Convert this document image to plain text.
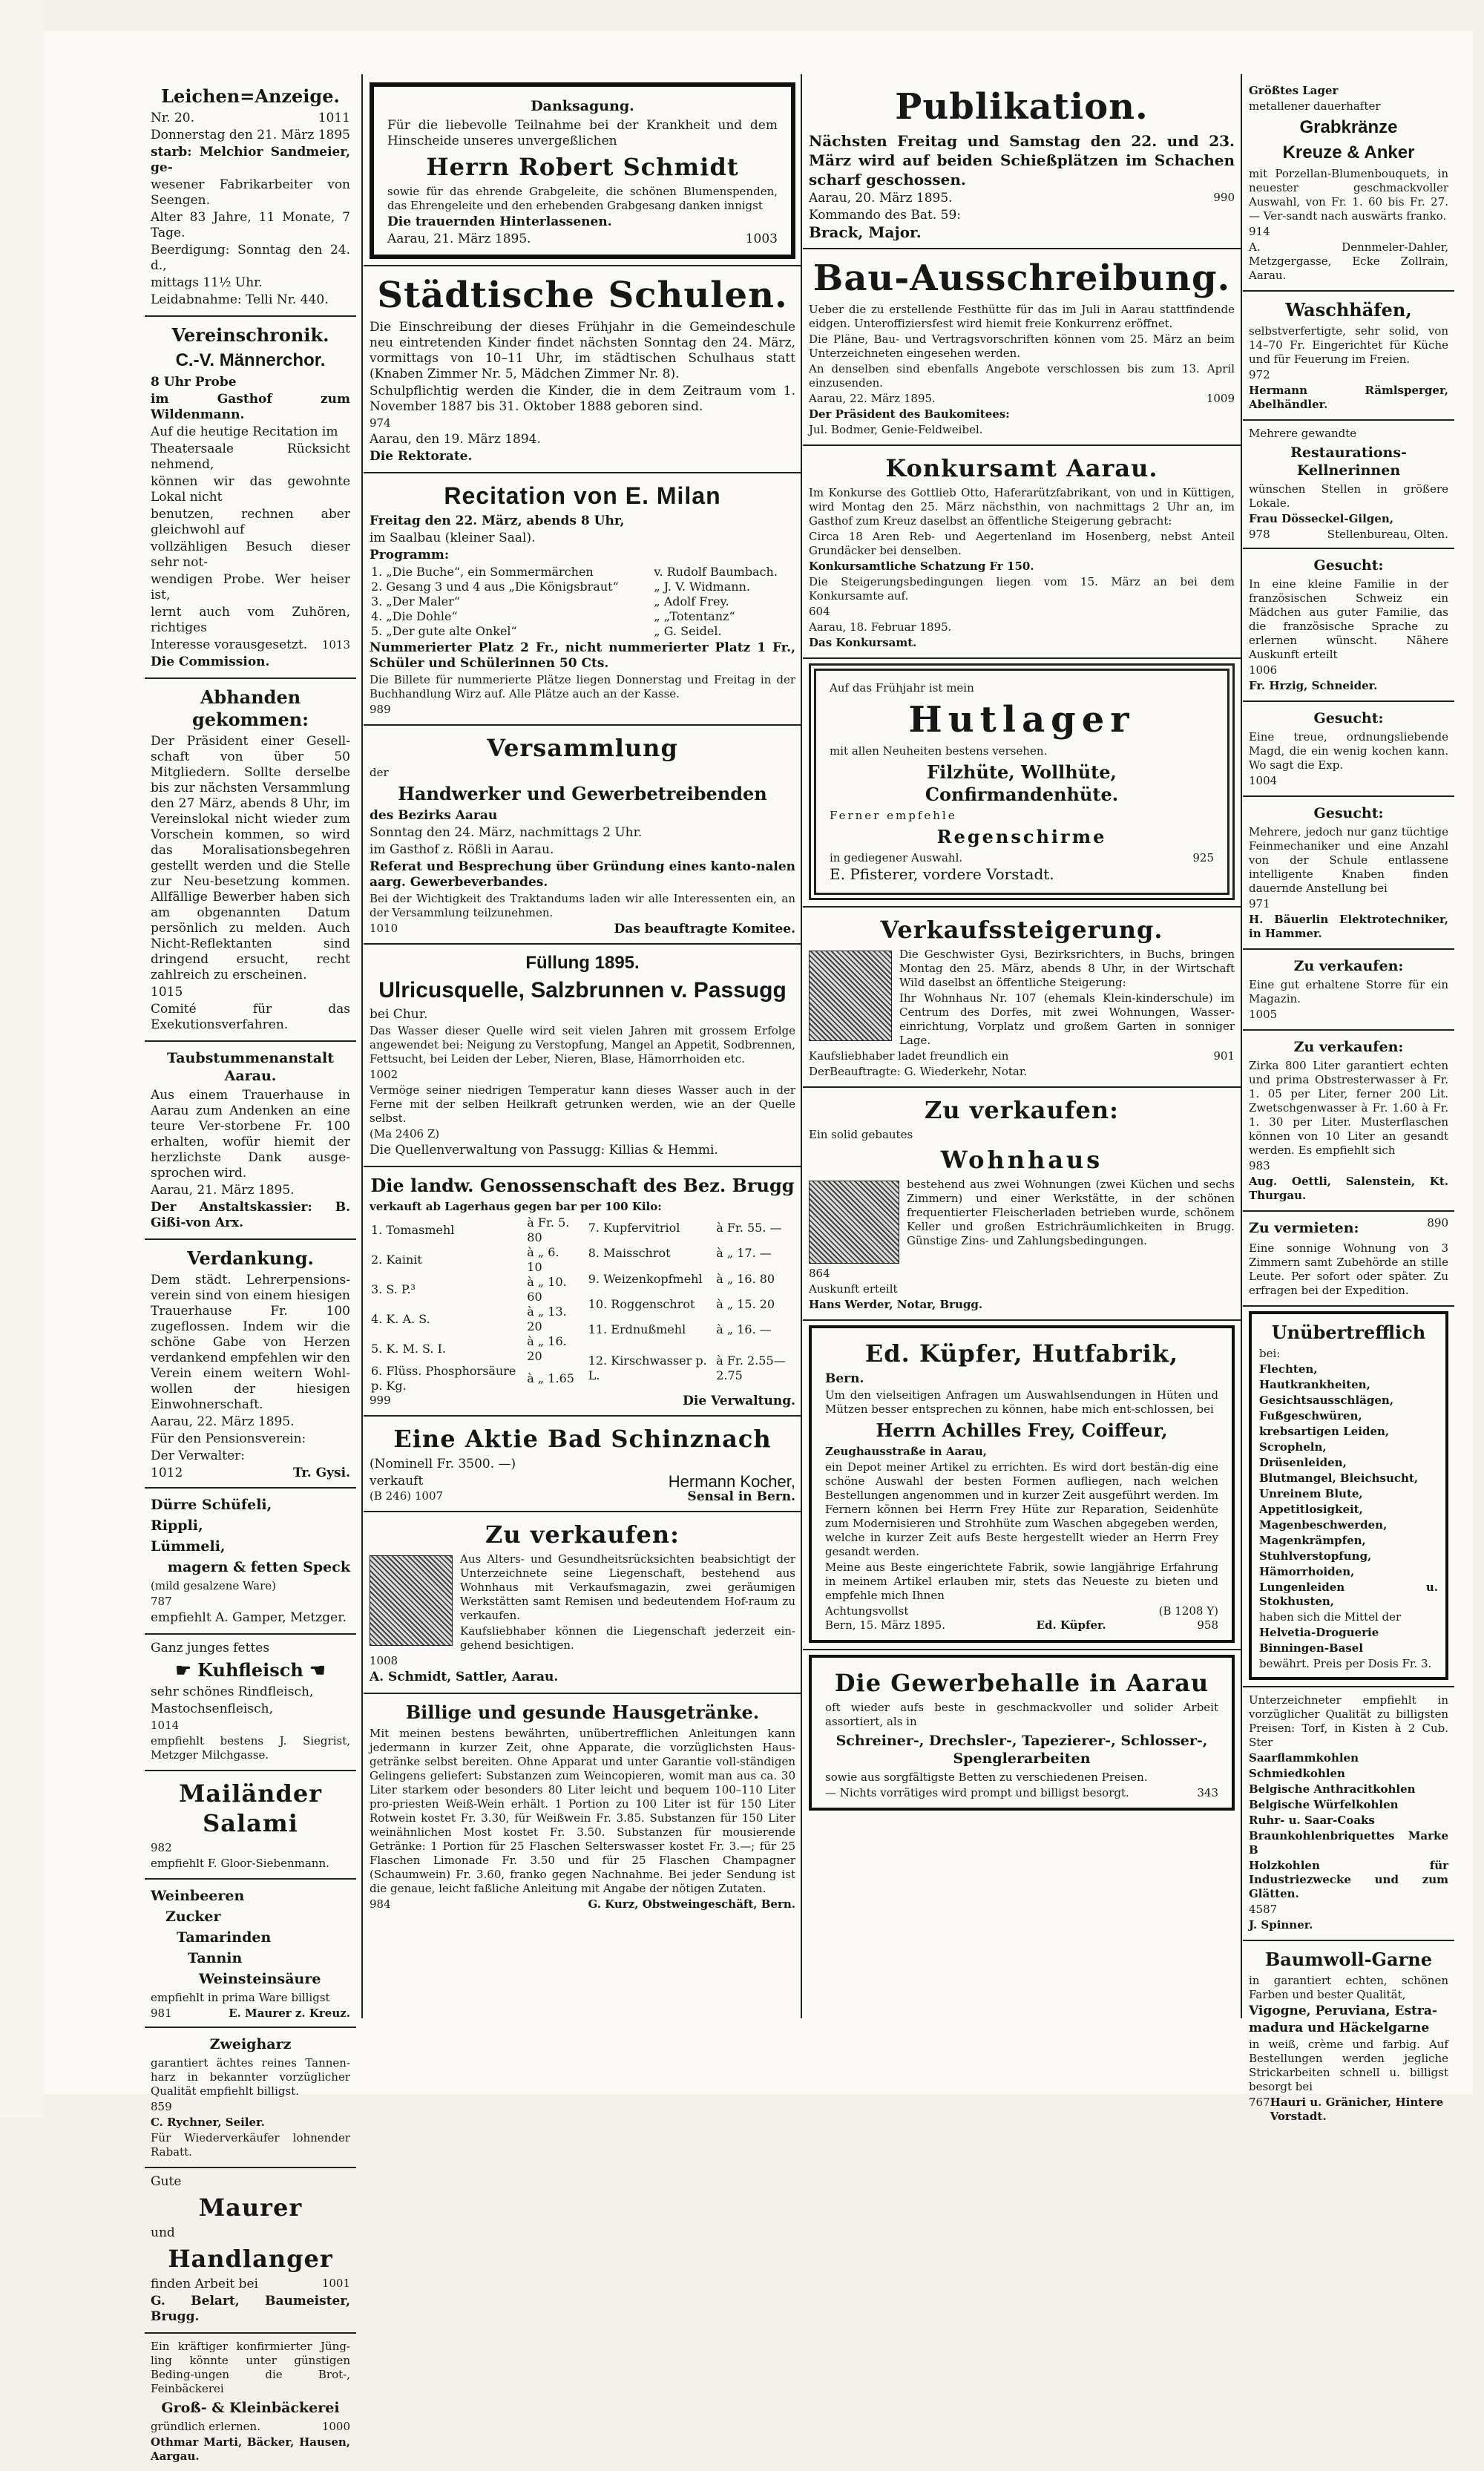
Leichen=Anzeige.
Nr. 20.	1011

Donnerstag den 21. März 1895

starb: Melchior Sandmeier, ge-

wesener Fabrikarbeiter von Seengen.

Alter 83 Jahre, 11 Monate, 7 Tage.

Beerdigung: Sonntag den 24. d.,

mittags 11½ Uhr.

Leidabnahme: Telli Nr. 440.

Vereinschronik.
C.-V. Männerchor.

8 Uhr Probe

im Gasthof zum Wildenmann.

Auf die heutige Recitation im

Theatersaale Rücksicht nehmend,

können wir das gewohnte Lokal nicht

benutzen, rechnen aber gleichwohl auf

vollzähligen Besuch dieser sehr not-

wendigen Probe. Wer heiser ist,

lernt auch vom Zuhören, richtiges

Interesse vorausgesetzt. 1013

Die Commission.

Abhanden gekommen:

Der Präsident einer Gesell-schaft von über 50 Mitgliedern. Sollte derselbe bis zur nächsten Versammlung den 27 März, abends 8 Uhr, im Vereinslokal nicht wieder zum Vorschein kommen, so wird das Moralisationsbegehren gestellt werden und die Stelle zur Neu-besetzung kommen. Allfällige Bewerber haben sich am obgenannten Datum persönlich zu melden. Auch Nicht-Reflektanten sind dringend ersucht, recht zahlreich zu erscheinen.

1015

Comité für das Exekutionsverfahren.

Taubstummenanstalt Aarau.

Aus einem Trauerhause in Aarau zum Andenken an eine teure Ver-storbene Fr. 100 erhalten, wofür hiemit der herzlichste Dank ausge-sprochen wird.

Aarau, 21. März 1895.

Der Anstaltskassier: B. Gißi-von Arx.

Verdankung.

Dem städt. Lehrerpensions-verein sind von einem hiesigen Trauerhause Fr. 100 zugeflossen. Indem wir die schöne Gabe von Herzen verdankend empfehlen wir den Verein einem weitern Wohl-wollen der hiesigen Einwohnerschaft.

Aarau, 22. März 1895.

Für den Pensionsverein:

Der Verwalter:

1012	Tr. Gysi.
Dürre Schüfeli,
Rippli,
Lümmeli,
magern & fetten Speck

(mild gesalzene Ware)

787

empfiehlt A. Gamper, Metzger.

Ganz junges fettes

☛ Kuhfleisch ☚

sehr schönes Rindfleisch,

Mastochsenfleisch,

1014

empfiehlt bestens J. Siegrist, Metzger Milchgasse.

Mailänder Salami

982

empfiehlt F. Gloor-Siebenmann.

Weinbeeren
Zucker
Tamarinden
Tannin
Weinsteinsäure

empfiehlt in prima Ware billigst

981	E. Maurer z. Kreuz.
Zweigharz

garantiert ächtes reines Tannen-harz in bekannter vorzüglicher Qualität empfiehlt billigst.

859

C. Rychner, Seiler.

Für Wiederverkäufer lohnender Rabatt.

Gute

Maurer

und

Handlanger
finden Arbeit bei	1001

G. Belart, Baumeister, Brugg.

Ein kräftiger konfirmierter Jüng-ling könnte unter günstigen Beding-ungen die Brot-, Feinbäckerei

Groß- & Kleinbäckerei
gründlich erlernen.	1000

Othmar Marti, Bäcker, Hausen, Aargau.

Danksagung.

Für die liebevolle Teilnahme bei der Krankheit und dem Hinscheide unseres unvergeßlichen

Herrn Robert Schmidt

sowie für das ehrende Grabgeleite, die schönen Blumenspenden, das Ehrengeleite und den erhebenden Grabgesang danken innigst

Die trauernden Hinterlassenen.

Aarau, 21. März 1895.	1003
Städtische Schulen.

Die Einschreibung der dieses Frühjahr in die Gemeindeschule neu eintretenden Kinder findet nächsten Sonntag den 24. März, vormittags von 10–11 Uhr, im städtischen Schulhaus statt (Knaben Zimmer Nr. 5, Mädchen Zimmer Nr. 8).

Schulpflichtig werden die Kinder, die in dem Zeitraum vom 1. November 1887 bis 31. Oktober 1888 geboren sind.

974

Aarau, den 19. März 1894.

Die Rektorate.

Recitation von E. Milan

Freitag den 22. März, abends 8 Uhr,

im Saalbau (kleiner Saal).

Programm:

1. „Die Buche“, ein Sommermärchen	v. Rudolf Baumbach.
2. Gesang 3 und 4 aus „Die Königsbraut“	„ J. V. Widmann.
3. „Der Maler“	„ Adolf Frey.
4. „Die Dohle“	„ „Totentanz“
5. „Der gute alte Onkel“	„ G. Seidel.

Nummerierter Platz 2 Fr., nicht nummerierter Platz 1 Fr., Schüler und Schülerinnen 50 Cts.

Die Billete für nummerierte Plätze liegen Donnerstag und Freitag in der Buchhandlung Wirz auf. Alle Plätze auch an der Kasse.

989

Versammlung

der

Handwerker und Gewerbetreibenden

des Bezirks Aarau

Sonntag den 24. März, nachmittags 2 Uhr.

im Gasthof z. Rößli in Aarau.

Referat und Besprechung über Gründung eines kanto-nalen aarg. Gewerbeverbandes.

Bei der Wichtigkeit des Traktandums laden wir alle Interessenten ein, an der Versammlung teilzunehmen.

1010	Das beauftragte Komitee.
Füllung 1895.
Ulricusquelle, Salzbrunnen v. Passugg

bei Chur.

Das Wasser dieser Quelle wird seit vielen Jahren mit grossem Erfolge angewendet bei: Neigung zu Verstopfung, Mangel an Appetit, Sodbrennen, Fettsucht, bei Leiden der Leber, Nieren, Blase, Hämorrhoiden etc.

1002

Vermöge seiner niedrigen Temperatur kann dieses Wasser auch in der Ferne mit der selben Heilkraft getrunken werden, wie an der Quelle selbst.

(Ma 2406 Z)

Die Quellenverwaltung von Passugg: Killias & Hemmi.

Die landw. Genossenschaft des Bez. Brugg

verkauft ab Lagerhaus gegen bar per 100 Kilo:

1. Tomasmehl	à Fr. 5. 80
2. Kainit	à „ 6. 10
3. S. P.³	à „ 10. 60
4. K. A. S.	à „ 13. 20
5. K. M. S. I.	à „ 16. 20
6. Flüss. Phosphorsäure p. Kg.	à „ 1.65
7. Kupfervitriol	à Fr. 55. —
8. Maisschrot	à „ 17. —
9. Weizenkopfmehl	à „ 16. 80
10. Roggenschrot	à „ 15. 20
11. Erdnußmehl	à „ 16. —
12. Kirschwasser p. L.	à Fr. 2.55—2.75
999	Die Verwaltung.
Eine Aktie Bad Schinznach

(Nominell Fr. 3500. —)

verkauft	Hermann Kocher,
(B 246) 1007	Sensal in Bern.
Zu verkaufen:

Aus Alters- und Gesundheitsrücksichten beabsichtigt der Unterzeichnete seine Liegenschaft, bestehend aus Wohnhaus mit Verkaufsmagazin, zwei geräumigen Werkstätten samt Remisen und bedeutendem Hof-raum zu verkaufen.

Kaufsliebhaber können die Liegenschaft jederzeit ein-gehend besichtigen.

1008

A. Schmidt, Sattler, Aarau.

Billige und gesunde Hausgetränke.

Mit meinen bestens bewährten, unübertrefflichen Anleitungen kann jedermann in kurzer Zeit, ohne Apparate, die vorzüglichsten Haus-getränke selbst bereiten. Ohne Apparat und unter Garantie voll-ständigen Gelingens geliefert: Substanzen zum Weincopieren, womit man aus ca. 30 Liter starkem oder besonders 80 Liter leicht und bequem 100–110 Liter pro-priesten Weiß-Wein erhält. 1 Portion zu 100 Liter ist für 150 Liter Rotwein kostet Fr. 3.30, für Weißwein Fr. 3.85. Substanzen für 150 Liter weinähnlichen Most kostet Fr. 3.50. Substanzen für mousierende Getränke: 1 Portion für 25 Flaschen Selterswasser kostet Fr. 3.—; für 25 Flaschen Limonade Fr. 3.50 und für 25 Flaschen Champagner (Schaumwein) Fr. 3.60, franko gegen Nachnahme. Bei jeder Sendung ist die genaue, leicht faßliche Anleitung mit Angabe der nötigen Zutaten.

984	G. Kurz, Obstweingeschäft, Bern.
Publikation.

Nächsten Freitag und Samstag den 22. und 23. März wird auf beiden Schießplätzen im Schachen scharf geschossen.

Aarau, 20. März 1895.	990

Kommando des Bat. 59:

Brack, Major.

Bau-Ausschreibung.

Ueber die zu erstellende Festhütte für das im Juli in Aarau stattfindende eidgen. Unteroffiziersfest wird hiemit freie Konkurrenz eröffnet.

Die Pläne, Bau- und Vertragsvorschriften können vom 25. März an beim Unterzeichneten eingesehen werden.

An denselben sind ebenfalls Angebote verschlossen bis zum 13. April einzusenden.

Aarau, 22. März 1895.	1009

Der Präsident des Baukomitees:

Jul. Bodmer, Genie-Feldweibel.

Konkursamt Aarau.

Im Konkurse des Gottlieb Otto, Haferarützfabrikant, von und in Küttigen, wird Montag den 25. März nächsthin, von nachmittags 2 Uhr an, im Gasthof zum Kreuz daselbst an öffentliche Steigerung gebracht:

Circa 18 Aren Reb- und Aegertenland im Hosenberg, nebst Anteil Grundäcker bei denselben.

Konkursamtliche Schatzung Fr 150.

Die Steigerungsbedingungen liegen vom 15. März an bei dem Konkursamte auf.

604

Aarau, 18. Februar 1895.

Das Konkursamt.

Auf das Frühjahr ist mein

Hutlager

mit allen Neuheiten bestens versehen.

Filzhüte, Wollhüte, Confirmandenhüte.

Ferner empfehle

Regenschirme
in gediegener Auswahl.	925

E. Pfisterer, vordere Vorstadt.

Verkaufssteigerung.

Die Geschwister Gysi, Bezirksrichters, in Buchs, bringen Montag den 25. März, abends 8 Uhr, in der Wirtschaft Wild daselbst an öffentliche Steigerung:

Ihr Wohnhaus Nr. 107 (ehemals Klein-kinderschule) im Centrum des Dorfes, mit zwei Wohnungen, Wasser-einrichtung, Vorplatz und großem Garten in sonniger Lage.

Kaufsliebhaber ladet freundlich ein	901

DerBeauftragte: G. Wiederkehr, Notar.

Zu verkaufen:

Ein solid gebautes

Wohnhaus

bestehend aus zwei Wohnungen (zwei Küchen und sechs Zimmern) und einer Werkstätte, in der schönen frequentierter Fleischerladen betrieben wurde, schönem Keller und großen Estrichräumlichkeiten in Brugg. Günstige Zins- und Zahlungsbedingungen.

864

Auskunft erteilt

Hans Werder, Notar, Brugg.

Ed. Küpfer, Hutfabrik,

Bern.

Um den vielseitigen Anfragen um Auswahlsendungen in Hüten und Mützen besser entsprechen zu können, habe mich ent-schlossen, bei

Herrn Achilles Frey, Coiffeur,

Zeughausstraße in Aarau,

ein Depot meiner Artikel zu errichten. Es wird dort bestän-dig eine schöne Auswahl der besten Formen aufliegen, nach welchen Bestellungen angenommen und in kurzer Zeit ausgeführt werden. Im Fernern können bei Herrn Frey Hüte zur Reparation, Seidenhüte zum Modernisieren und Strohhüte zum Waschen abgegeben werden, welche in kurzer Zeit aufs Beste hergestellt wieder an Herrn Frey gesandt werden.

Meine aus Beste eingerichtete Fabrik, sowie langjährige Erfahrung in meinem Artikel erlauben mir, stets das Neueste zu bieten und empfehle mich Ihnen

Achtungsvollst	(B 1208 Y)
Bern, 15. März 1895.	Ed. Küpfer.	958
Die Gewerbehalle in Aarau

oft wieder aufs beste in geschmackvoller und solider Arbeit assortiert, als in

Schreiner-, Drechsler-, Tapezierer-, Schlosser-, Spenglerarbeiten

sowie aus sorgfältigste Betten zu verschiedenen Preisen.

— Nichts vorrätiges wird prompt und billigst besorgt.	343

Größtes Lager

metallener dauerhafter

Grabkränze
Kreuze & Anker

mit Porzellan-Blumenbouquets, in neuester geschmackvoller Auswahl, von Fr. 1. 60 bis Fr. 27. — Ver-sandt nach auswärts franko.

914

A. Dennmeler-Dahler, Metzgergasse, Ecke Zollrain, Aarau.

Waschhäfen,

selbstverfertigte, sehr solid, von 14–70 Fr. Eingerichtet für Küche und für Feuerung im Freien.

972

Hermann Rämlsperger, Abelhändler.

Mehrere gewandte

Restaurations-Kellnerinnen

wünschen Stellen in größere Lokale.

Frau Dösseckel-Gilgen,

978	Stellenbureau, Olten.
Gesucht:

In eine kleine Familie in der französischen Schweiz ein Mädchen aus guter Familie, das die französische Sprache zu erlernen wünscht. Nähere Auskunft erteilt

1006

Fr. Hrzig, Schneider.

Gesucht:

Eine treue, ordnungsliebende Magd, die ein wenig kochen kann. Wo sagt die Exp.

1004

Gesucht:

Mehrere, jedoch nur ganz tüchtige Feinmechaniker und eine Anzahl von der Schule entlassene intelligente Knaben finden dauernde Anstellung bei

971

H. Bäuerlin Elektrotechniker, in Hammer.

Zu verkaufen:

Eine gut erhaltene Storre für ein Magazin.

1005

Zu verkaufen:

Zirka 800 Liter garantiert echten und prima Obstresterwasser à Fr. 1. 05 per Liter, ferner 200 Lit. Zwetschgenwasser à Fr. 1.60 à Fr. 1. 30 per Liter. Musterflaschen können von 10 Liter an gesandt werden. Es empfiehlt sich

983

Aug. Oettli, Salenstein, Kt. Thurgau.

Zu vermieten:	890

Eine sonnige Wohnung von 3 Zimmern samt Zubehörde an stille Leute. Per sofort oder später. Zu erfragen bei der Expedition.

Unübertrefflich

bei:

Flechten,

Hautkrankheiten,

Gesichtsausschlägen,

Fußgeschwüren,

krebsartigen Leiden,

Scropheln,

Drüsenleiden,

Blutmangel, Bleichsucht,

Unreinem Blute,

Appetitlosigkeit,

Magenbeschwerden,

Magenkrämpfen,

Stuhlverstopfung,

Hämorrhoiden,

Lungenleiden u. Stokhusten,

haben sich die Mittel der

Helvetia-Droguerie

Binningen-Basel

bewährt. Preis per Dosis Fr. 3.

Unterzeichneter empfiehlt in vorzüglicher Qualität zu billigsten Preisen: Torf, in Kisten à 2 Cub. Ster

Saarflammkohlen

Schmiedkohlen

Belgische Anthracitkohlen

Belgische Würfelkohlen

Ruhr- u. Saar-Coaks

Braunkohlenbriquettes Marke B

Holzkohlen für Industriezwecke und zum Glätten.

4587

J. Spinner.

Baumwoll-Garne

in garantiert echten, schönen Farben und bester Qualität,

Vigogne, Peruviana, Estra-

madura und Häckelgarne

in weiß, crème und farbig. Auf Bestellungen werden jegliche Strickarbeiten schnell u. billigst besorgt bei

767 Hauri u. Gränicher, Hintere Vorstadt.
